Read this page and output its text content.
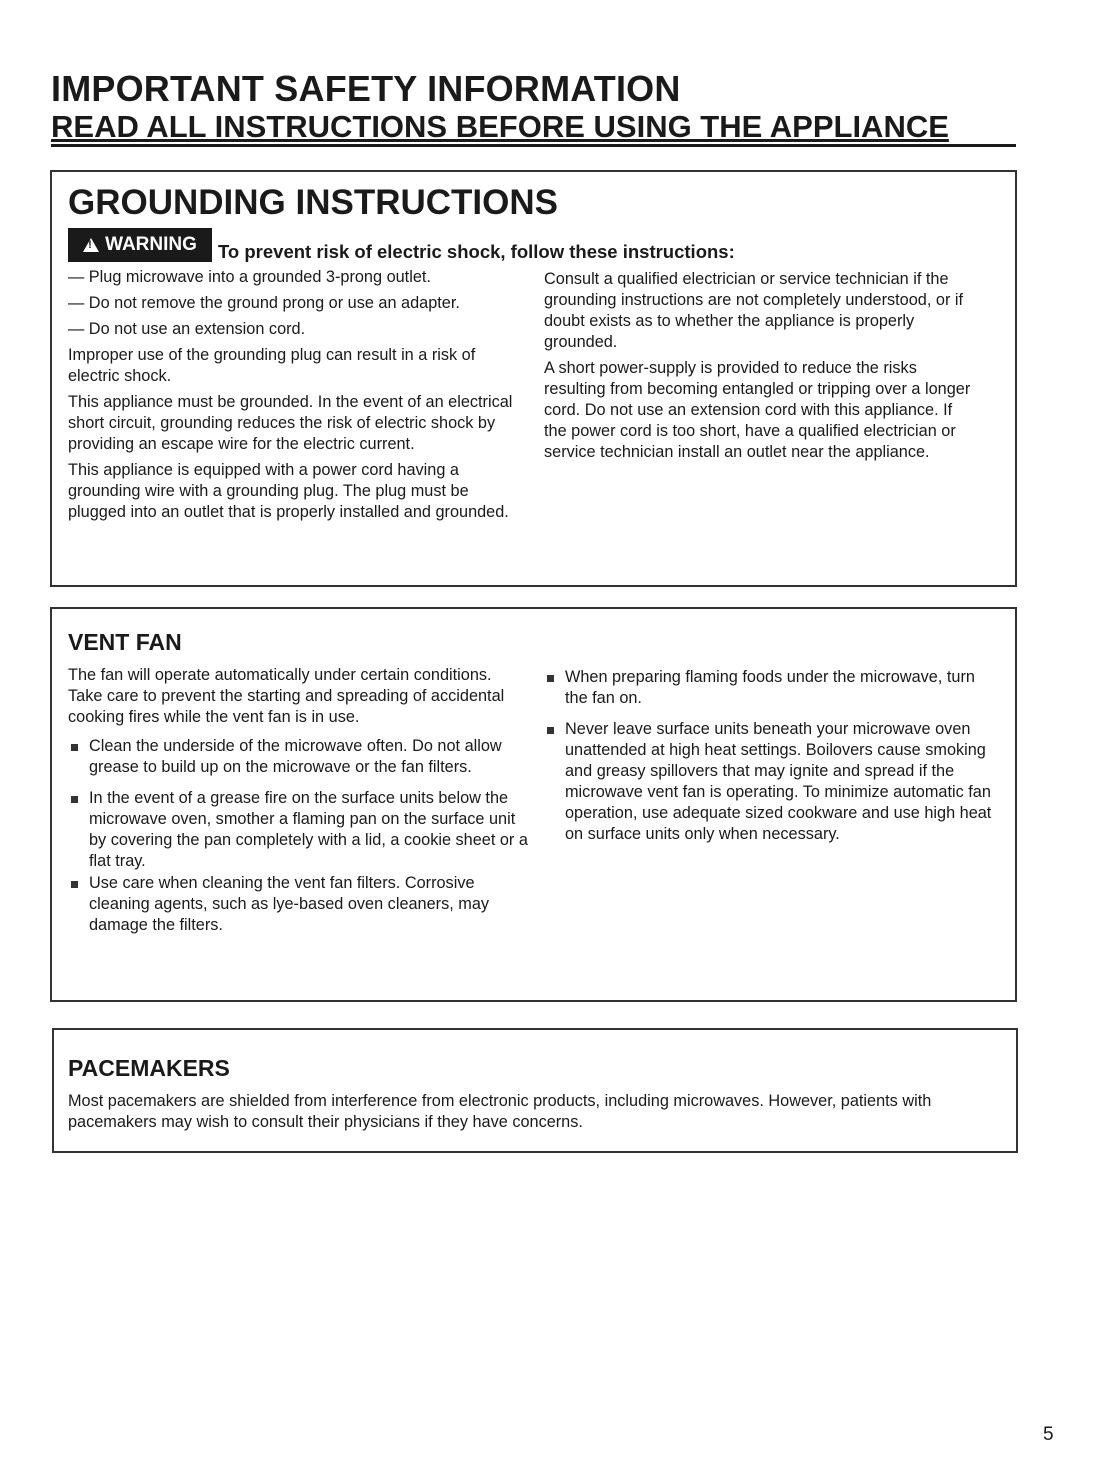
IMPORTANT SAFETY INFORMATION
READ ALL INSTRUCTIONS BEFORE USING THE APPLIANCE
GROUNDING INSTRUCTIONS
!
WARNING To prevent risk of electric shock, follow these instructions:
— Plug microwave into a grounded 3-prong outlet.
— Do not remove the ground prong or use an adapter.
— Do not use an extension cord.

Improper use of the grounding plug can result in a risk of electric shock.

This appliance must be grounded. In the event of an electrical short circuit, grounding reduces the risk of electric shock by providing an escape wire for the electric current.

This appliance is equipped with a power cord having a grounding wire with a grounding plug. The plug must be plugged into an outlet that is properly installed and grounded.

Consult a qualified electrician or service technician if the grounding instructions are not completely understood, or if doubt exists as to whether the appliance is properly grounded.

A short power-supply is provided to reduce the risks resulting from becoming entangled or tripping over a longer cord. Do not use an extension cord with this appliance. If the power cord is too short, have a qualified electrician or service technician install an outlet near the appliance.

VENT FAN

The fan will operate automatically under certain conditions. Take care to prevent the starting and spreading of accidental cooking fires while the vent fan is in use.

Clean the underside of the microwave often. Do not allow grease to build up on the microwave or the fan filters.
In the event of a grease fire on the surface units below the microwave oven, smother a flaming pan on the surface unit by covering the pan completely with a lid, a cookie sheet or a flat tray.
Use care when cleaning the vent fan filters. Corrosive cleaning agents, such as lye-based oven cleaners, may damage the filters.
When preparing flaming foods under the microwave, turn the fan on.
Never leave surface units beneath your microwave oven unattended at high heat settings. Boilovers cause smoking and greasy spillovers that may ignite and spread if the microwave vent fan is operating. To minimize automatic fan operation, use adequate sized cookware and use high heat on surface units only when necessary.
PACEMAKERS
Most pacemakers are shielded from interference from electronic products, including microwaves. However, patients with pacemakers may wish to consult their physicians if they have concerns.
5
